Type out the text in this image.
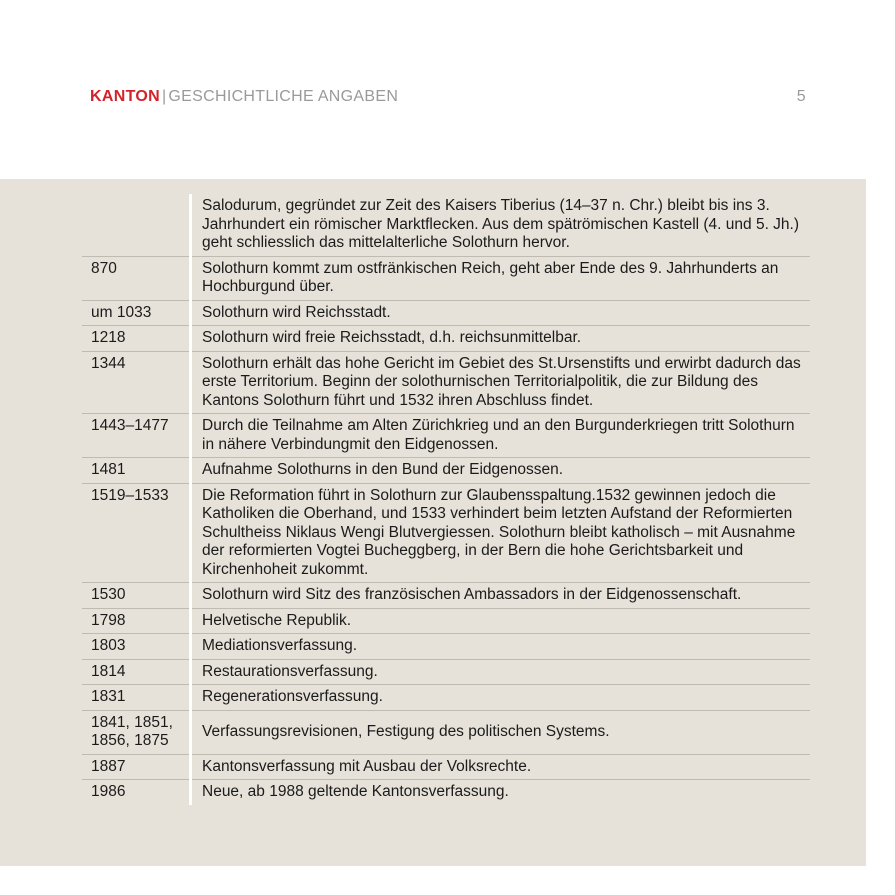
KANTON | GESCHICHTLICHE ANGABEN	5
	Salodurum, gegründet zur Zeit des Kaisers Tiberius (14–37 n. Chr.) bleibt bis ins 3. Jahrhundert ein römischer Marktflecken. Aus dem spätrömischen Kastell (4. und 5. Jh.) geht schliesslich das mittelalterliche Solothurn hervor.
870	Solothurn kommt zum ostfränkischen Reich, geht aber Ende des 9. Jahrhunderts an Hochburgund über.
um 1033	Solothurn wird Reichsstadt.
1218	Solothurn wird freie Reichsstadt, d.h. reichsunmittelbar.
1344	Solothurn erhält das hohe Gericht im Gebiet des St.Ursenstifts und erwirbt dadurch das erste Territorium. Beginn der solothurnischen Territorialpolitik, die zur Bildung des Kantons Solothurn führt und 1532 ihren Abschluss findet.
1443–1477	Durch die Teilnahme am Alten Zürichkrieg und an den Burgunderkriegen tritt Solothurn in nähere Verbindungmit den Eidgenossen.
1481	Aufnahme Solothurns in den Bund der Eidgenossen.
1519–1533	Die Reformation führt in Solothurn zur Glaubensspaltung.1532 gewinnen jedoch die Katholiken die Oberhand, und 1533 verhindert beim letzten Aufstand der Reformierten Schultheiss Niklaus Wengi Blutvergiessen. Solothurn bleibt katholisch – mit Ausnahme der reformierten Vogtei Bucheggberg, in der Bern die hohe Gerichtsbarkeit und Kirchenhoheit zukommt.
1530	Solothurn wird Sitz des französischen Ambassadors in der Eidgenossenschaft.
1798	Helvetische Republik.
1803	Mediationsverfassung.
1814	Restaurationsverfassung.
1831	Regenerationsverfassung.
1841, 1851, 1856, 1875	Verfassungsrevisionen, Festigung des politischen Systems.
1887	Kantonsverfassung mit Ausbau der Volksrechte.
1986	Neue, ab 1988 geltende Kantonsverfassung.
